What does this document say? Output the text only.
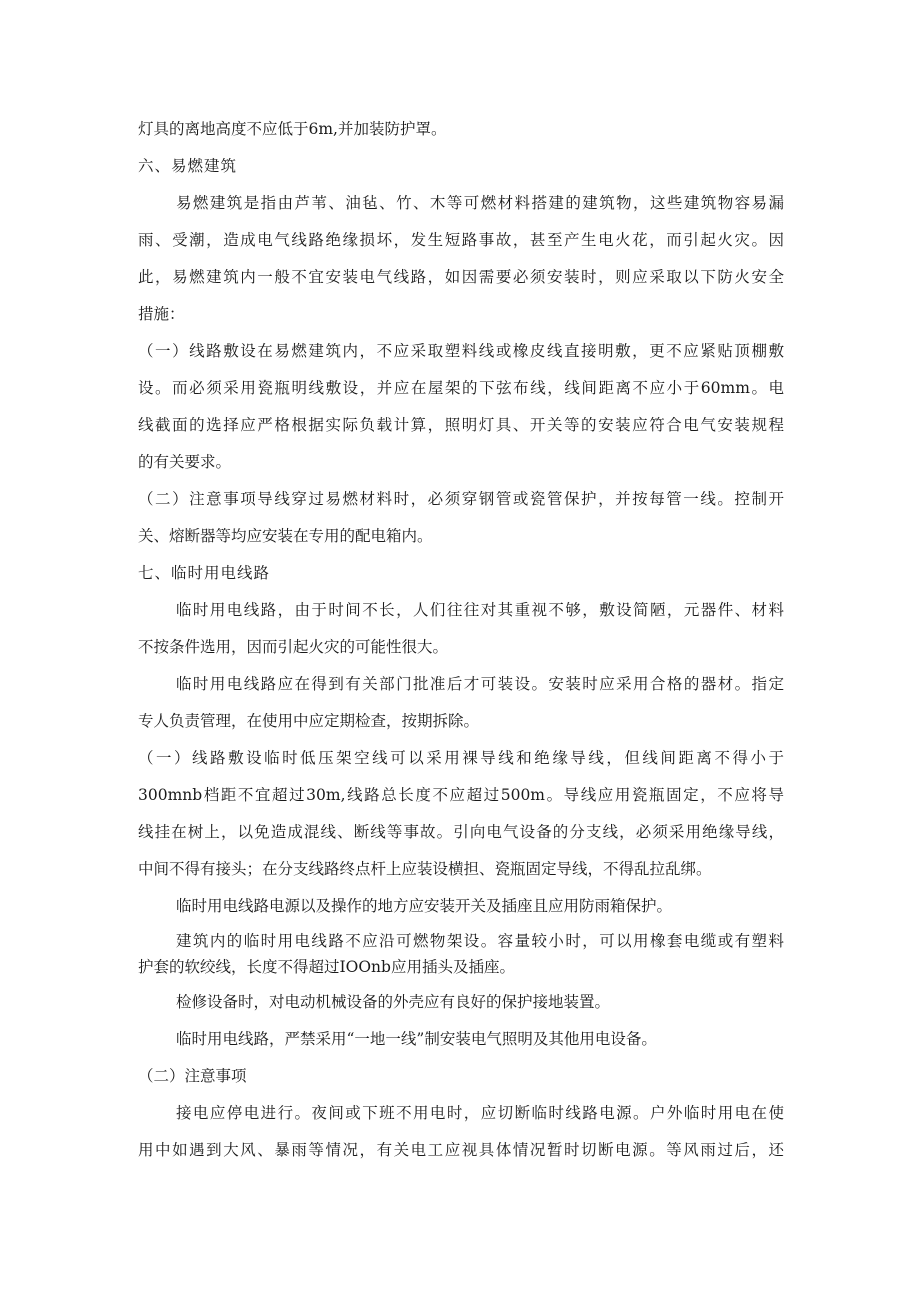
灯具的离地高度不应低于6m,并加装防护罩。
六、易燃建筑
易燃建筑是指由芦苇、油毡、竹、木等可燃材料搭建的建筑物，这些建筑物容易漏
雨、受潮，造成电气线路绝缘损坏，发生短路事故，甚至产生电火花，而引起火灾。因
此，易燃建筑内一般不宜安装电气线路，如因需要必须安装时，则应采取以下防火安全
措施：
（一）线路敷设在易燃建筑内，不应采取塑料线或橡皮线直接明敷，更不应紧贴顶棚敷
设。而必须采用瓷瓶明线敷设，并应在屋架的下弦布线，线间距离不应小于60mm。电
线截面的选择应严格根据实际负载计算，照明灯具、开关等的安装应符合电气安装规程
的有关要求。
（二）注意事项导线穿过易燃材料时，必须穿钢管或瓷管保护，并按每管一线。控制开
关、熔断器等均应安装在专用的配电箱内。
七、临时用电线路
临时用电线路，由于时间不长，人们往往对其重视不够，敷设简陋，元器件、材料
不按条件选用，因而引起火灾的可能性很大。
临时用电线路应在得到有关部门批准后才可装设。安装时应采用合格的器材。指定
专人负责管理，在使用中应定期检查，按期拆除。
（一）线路敷设临时低压架空线可以采用裸导线和绝缘导线，但线间距离不得小于
300mnb档距不宜超过30m,线路总长度不应超过500m。导线应用瓷瓶固定，不应将导
线挂在树上，以免造成混线、断线等事故。引向电气设备的分支线，必须采用绝缘导线，
中间不得有接头；在分支线路终点杆上应装设横担、瓷瓶固定导线，不得乱拉乱绑。
临时用电线路电源以及操作的地方应安装开关及插座且应用防雨箱保护。
建筑内的临时用电线路不应沿可燃物架设。容量较小时，可以用橡套电缆或有塑料
护套的软绞线，长度不得超过IOOnb应用插头及插座。
检修设备时，对电动机械设备的外壳应有良好的保护接地装置。
临时用电线路，严禁采用“一地一线”制安装电气照明及其他用电设备。
（二）注意事项
接电应停电进行。夜间或下班不用电时，应切断临时线路电源。户外临时用电在使
用中如遇到大风、暴雨等情况，有关电工应视具体情况暂时切断电源。等风雨过后，还
